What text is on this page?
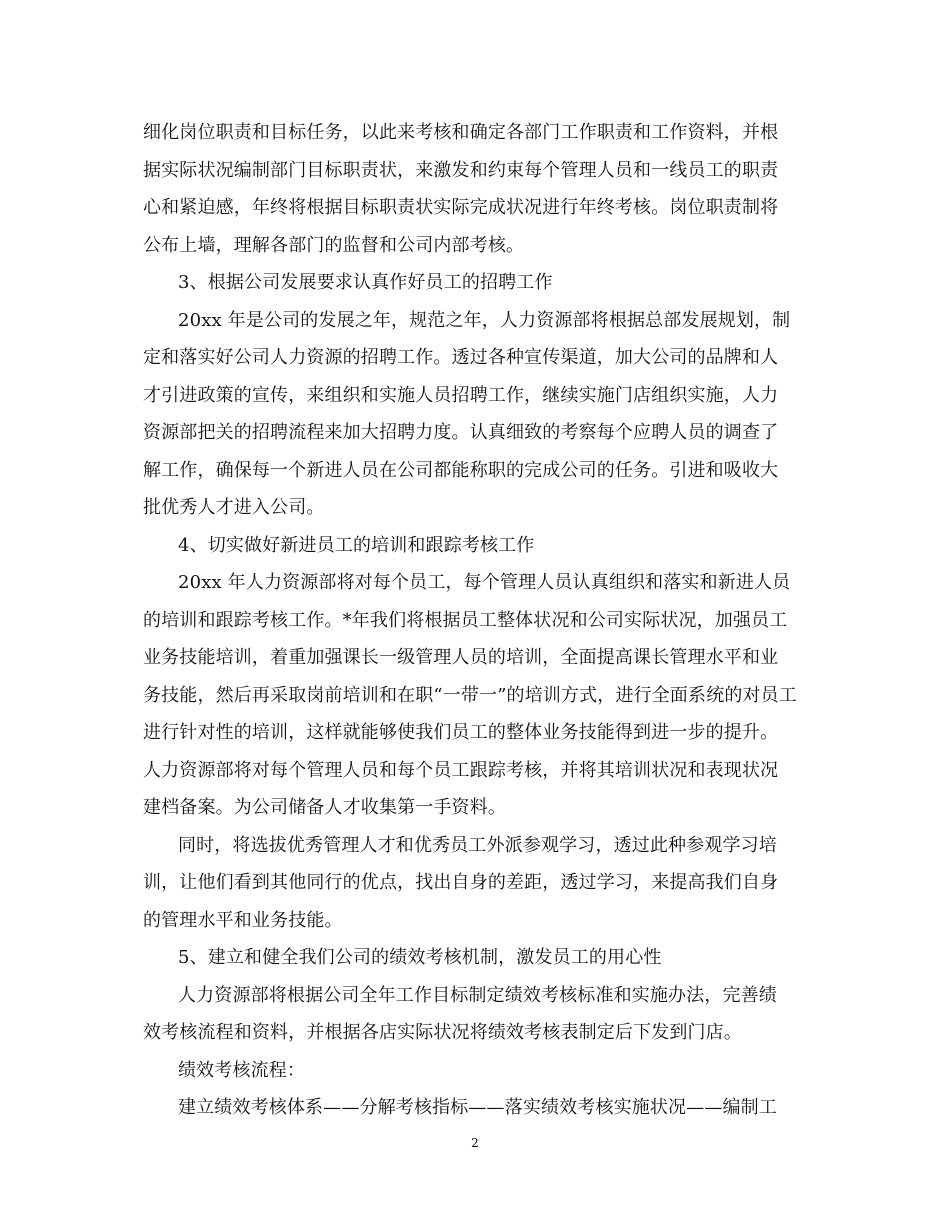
细化岗位职责和目标任务，以此来考核和确定各部门工作职责和工作资料，并根
据实际状况编制部门目标职责状，来激发和约束每个管理人员和一线员工的职责
心和紧迫感，年终将根据目标职责状实际完成状况进行年终考核。岗位职责制将
公布上墙，理解各部门的监督和公司内部考核。
3、根据公司发展要求认真作好员工的招聘工作
20xx 年是公司的发展之年，规范之年，人力资源部将根据总部发展规划，制
定和落实好公司人力资源的招聘工作。透过各种宣传渠道，加大公司的品牌和人
才引进政策的宣传，来组织和实施人员招聘工作，继续实施门店组织实施，人力
资源部把关的招聘流程来加大招聘力度。认真细致的考察每个应聘人员的调查了
解工作，确保每一个新进人员在公司都能称职的完成公司的任务。引进和吸收大
批优秀人才进入公司。
4、切实做好新进员工的培训和跟踪考核工作
20xx 年人力资源部将对每个员工，每个管理人员认真组织和落实和新进人员
的培训和跟踪考核工作。*年我们将根据员工整体状况和公司实际状况，加强员工
业务技能培训，着重加强课长一级管理人员的培训，全面提高课长管理水平和业
务技能，然后再采取岗前培训和在职“一带一”的培训方式，进行全面系统的对员工
进行针对性的培训，这样就能够使我们员工的整体业务技能得到进一步的提升。
人力资源部将对每个管理人员和每个员工跟踪考核，并将其培训状况和表现状况
建档备案。为公司储备人才收集第一手资料。
同时，将选拔优秀管理人才和优秀员工外派参观学习，透过此种参观学习培
训，让他们看到其他同行的优点，找出自身的差距，透过学习，来提高我们自身
的管理水平和业务技能。
5、建立和健全我们公司的绩效考核机制，激发员工的用心性
人力资源部将根据公司全年工作目标制定绩效考核标准和实施办法，完善绩
效考核流程和资料，并根据各店实际状况将绩效考核表制定后下发到门店。
绩效考核流程：
建立绩效考核体系——分解考核指标——落实绩效考核实施状况——编制工
2
